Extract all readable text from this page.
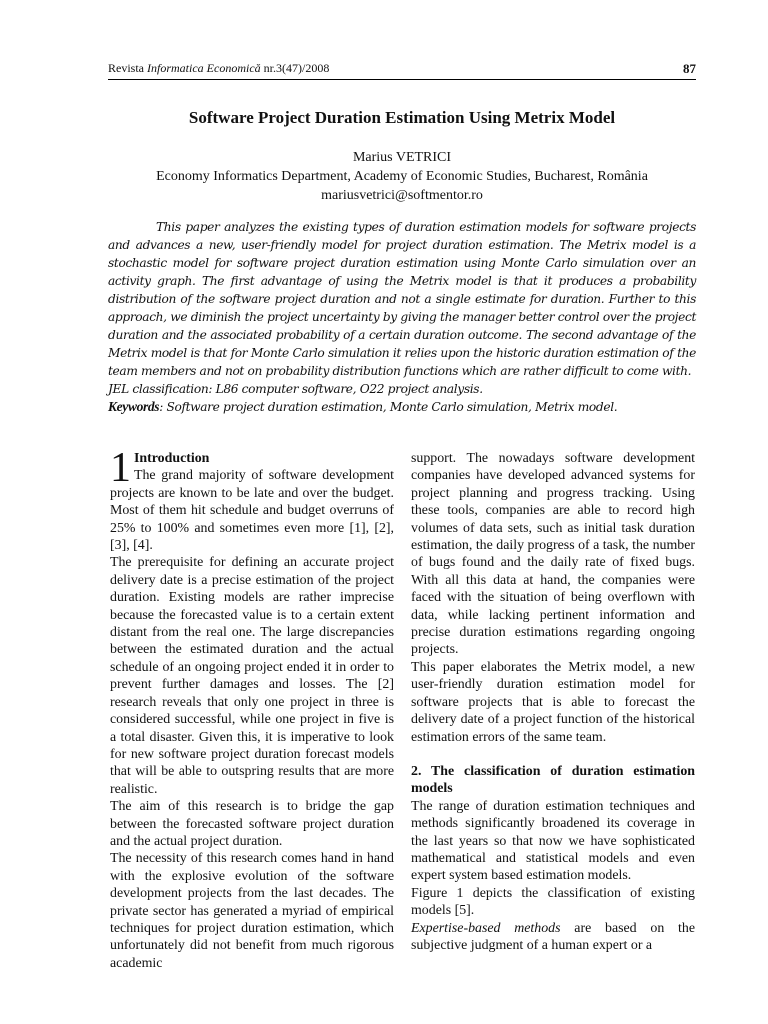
Revista Informatica Economică nr.3(47)/2008	87
Software Project Duration Estimation Using Metrix Model
Marius VETRICI
Economy Informatics Department, Academy of Economic Studies, Bucharest, România
mariusvetrici@softmentor.ro

This paper analyzes the existing types of duration estimation models for software projects and advances a new, user-friendly model for project duration estimation. The Metrix model is a stochastic model for software project duration estimation using Monte Carlo simulation over an activity graph. The first advantage of using the Metrix model is that it produces a probability distribution of the software project duration and not a single estimate for duration. Further to this approach, we diminish the project uncertainty by giving the manager better control over the project duration and the associated probability of a certain duration outcome. The second advantage of the Metrix model is that for Monte Carlo simulation it relies upon the historic duration estimation of the team members and not on probability distribution functions which are rather difficult to come with.

JEL classification: L86 computer software, O22 project analysis.
Keywords: Software project duration estimation, Monte Carlo simulation, Metrix model.

1 Introduction
The grand majority of software development projects are known to be late and over the budget. Most of them hit schedule and budget overruns of 25% to 100% and sometimes even more [1], [2], [3], [4].

The prerequisite for defining an accurate project delivery date is a precise estimation of the project duration. Existing models are rather imprecise because the forecasted value is to a certain extent distant from the real one. The large discrepancies between the estimated duration and the actual schedule of an ongoing project ended it in order to prevent further damages and losses. The [2] research reveals that only one project in three is considered successful, while one project in five is a total disaster. Given this, it is imperative to look for new software project duration forecast models that will be able to outspring results that are more realistic.

The aim of this research is to bridge the gap between the forecasted software project duration and the actual project duration.

The necessity of this research comes hand in hand with the explosive evolution of the software development projects from the last decades. The private sector has generated a myriad of empirical techniques for project duration estimation, which unfortunately did not benefit from much rigorous academic

support. The nowadays software development companies have developed advanced systems for project planning and progress tracking. Using these tools, companies are able to record high volumes of data sets, such as initial task duration estimation, the daily progress of a task, the number of bugs found and the daily rate of fixed bugs. With all this data at hand, the companies were faced with the situation of being overflown with data, while lacking pertinent information and precise duration estimations regarding ongoing projects.

This paper elaborates the Metrix model, a new user-friendly duration estimation model for software projects that is able to forecast the delivery date of a project function of the historical estimation errors of the same team.

2. The classification of duration estimation models

The range of duration estimation techniques and methods significantly broadened its coverage in the last years so that now we have sophisticated mathematical and statistical models and even expert system based estimation models.

Figure 1 depicts the classification of existing models [5].

Expertise-based methods are based on the subjective judgment of a human expert or a
